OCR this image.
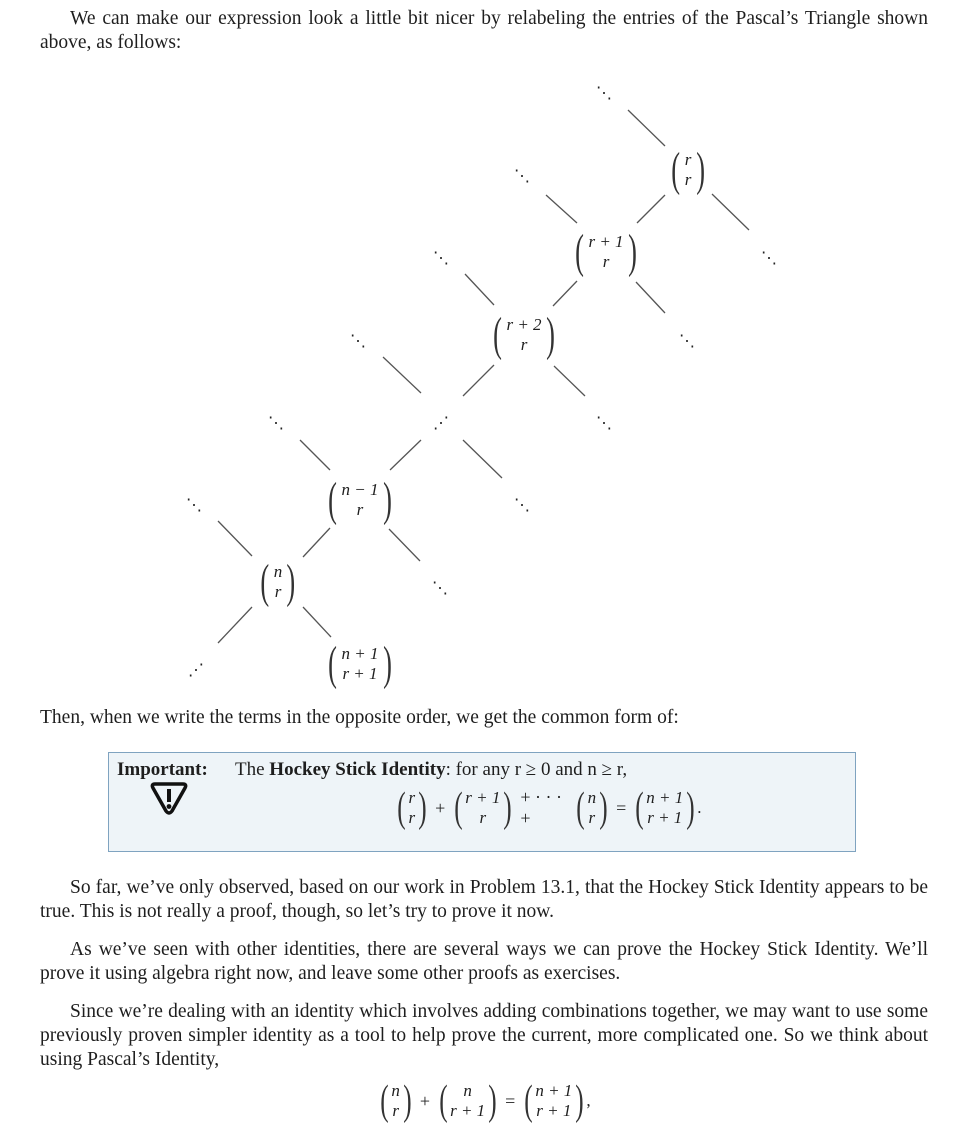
We can make our expression look a little bit nicer by relabeling the entries of the Pascal’s Triangle shown above, as follows:

⋱
⋱
⋱
⋱
⋱
⋱
⋱
⋰
⋱
⋱
⋱
⋱
⋰
( r
r )
( r + 1
r )
( r + 2
r )
( n − 1
r )
( n
r )
( n + 1
r + 1 )

Then, when we write the terms in the opposite order, we get the common form of:

Important: The Hockey Stick Identity: for any r ≥ 0 and n ≥ r,
( r
r ) + ( r + 1
r ) + · · · +	( n
r ) = ( n + 1
r + 1 ) .

So far, we’ve only observed, based on our work in Problem 13.1, that the Hockey Stick Identity appears to be true. This is not really a proof, though, so let’s try to prove it now.

As we’ve seen with other identities, there are several ways we can prove the Hockey Stick Identity. We’ll prove it using algebra right now, and leave some other proofs as exercises.

Since we’re dealing with an identity which involves adding combinations together, we may want to use some previously proven simpler identity as a tool to help prove the current, more complicated one. So we think about using Pascal’s Identity,

( n
r ) + ( n
r + 1 ) = ( n + 1
r + 1 ) ,
